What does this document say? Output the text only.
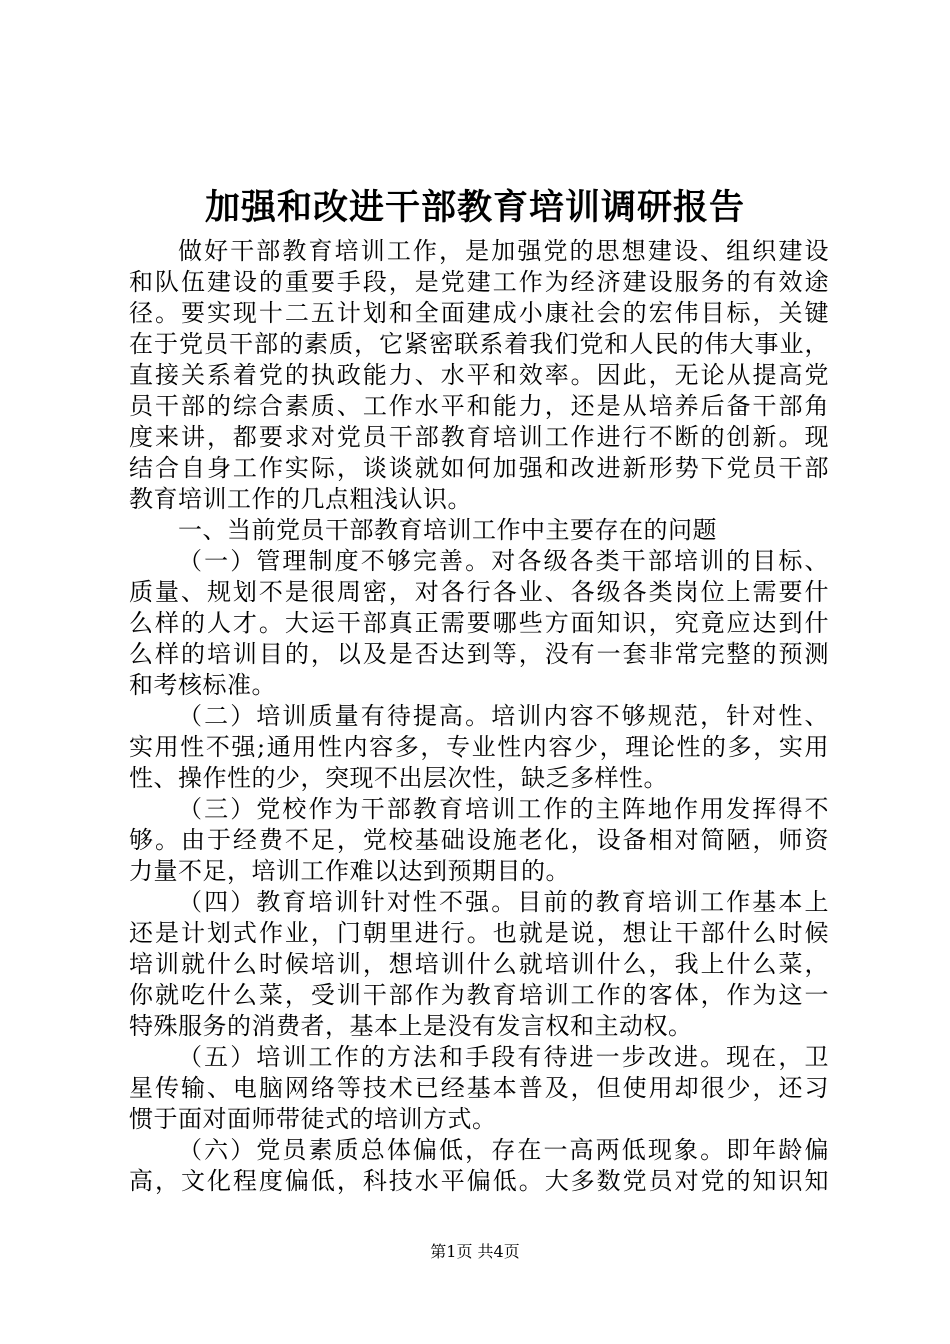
加强和改进干部教育培训调研报告
做好干部教育培训工作，是加强党的思想建设、组织建设
和队伍建设的重要手段，是党建工作为经济建设服务的有效途
径。要实现十二五计划和全面建成小康社会的宏伟目标，关键
在于党员干部的素质，它紧密联系着我们党和人民的伟大事业，
直接关系着党的执政能力、水平和效率。因此，无论从提高党
员干部的综合素质、工作水平和能力，还是从培养后备干部角
度来讲，都要求对党员干部教育培训工作进行不断的创新。现
结合自身工作实际，谈谈就如何加强和改进新形势下党员干部
教育培训工作的几点粗浅认识。
一、当前党员干部教育培训工作中主要存在的问题
（一）管理制度不够完善。对各级各类干部培训的目标、
质量、规划不是很周密，对各行各业、各级各类岗位上需要什
么样的人才。大运干部真正需要哪些方面知识，究竟应达到什
么样的培训目的，以及是否达到等，没有一套非常完整的预测
和考核标准。
（二）培训质量有待提高。培训内容不够规范，针对性、
实用性不强;通用性内容多，专业性内容少，理论性的多，实用
性、操作性的少，突现不出层次性，缺乏多样性。
（三）党校作为干部教育培训工作的主阵地作用发挥得不
够。由于经费不足，党校基础设施老化，设备相对简陋，师资
力量不足，培训工作难以达到预期目的。
（四）教育培训针对性不强。目前的教育培训工作基本上
还是计划式作业，门朝里进行。也就是说，想让干部什么时候
培训就什么时候培训，想培训什么就培训什么，我上什么菜，
你就吃什么菜，受训干部作为教育培训工作的客体，作为这一
特殊服务的消费者，基本上是没有发言权和主动权。
（五）培训工作的方法和手段有待进一步改进。现在，卫
星传输、电脑网络等技术已经基本普及，但使用却很少，还习
惯于面对面师带徒式的培训方式。
（六）党员素质总体偏低，存在一高两低现象。即年龄偏
高，文化程度偏低，科技水平偏低。大多数党员对党的知识知
第1页 共4页
